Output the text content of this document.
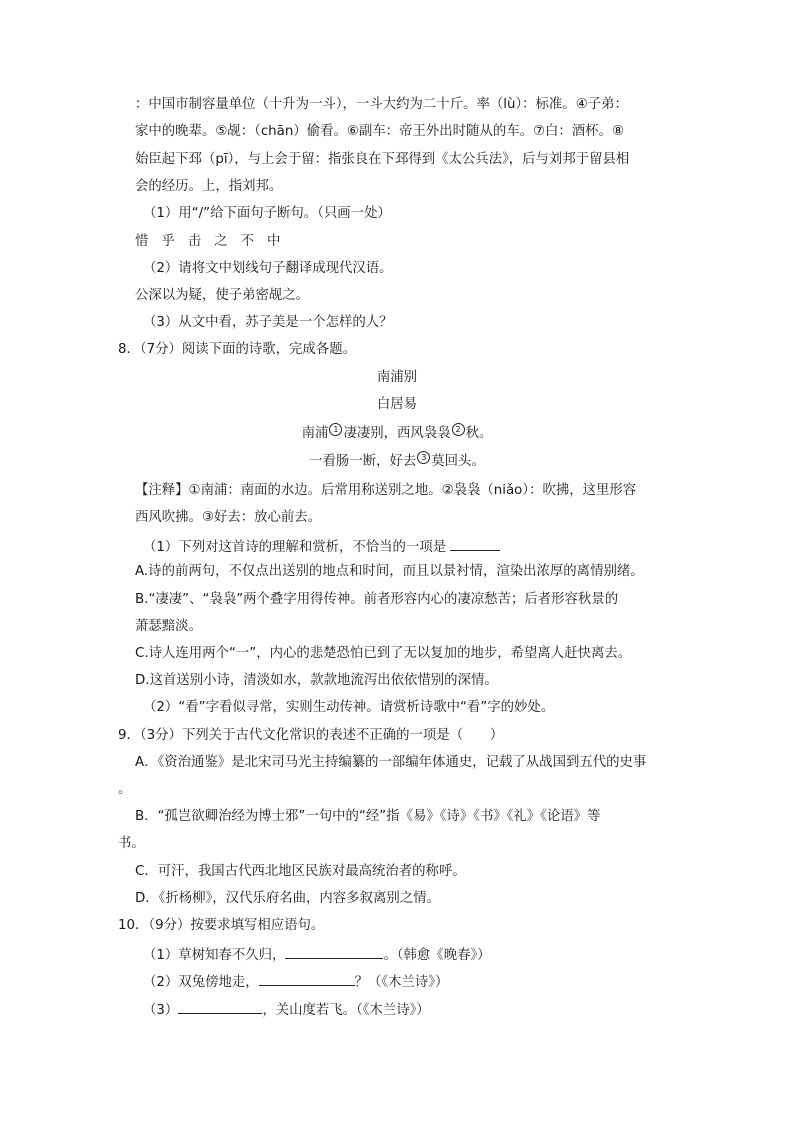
：中国市制容量单位（十升为一斗），一斗大约为二十斤。率（lù）：标准。④子弟：
家中的晚辈。⑤觇：（chān）偷看。⑥副车：帝王外出时随从的车。⑦白：酒杯。⑧
始臣起下邳（pī），与上会于留：指张良在下邳得到《太公兵法》，后与刘邦于留县相
会的经历。上，指刘邦。
（1）用“/”给下面句子断句。（只画一处）
惜 乎 击 之 不 中
（2）请将文中划线句子翻译成现代汉语。
公深以为疑，使子弟密觇之。
（3）从文中看，苏子美是一个怎样的人？
8．（7分）阅读下面的诗歌，完成各题。
南浦别
白居易
南浦 $^1$ 凄凄别，西风袅袅 $^2$ 秋。
一看肠一断，好去 $^3$ 莫回头。
【注释】①南浦：南面的水边。后常用称送别之地。②袅袅（niǎo）：吹拂，这里形容
西风吹拂。③好去：放心前去。
（1）下列对这首诗的理解和赏析，不恰当的一项是
A.诗的前两句，不仅点出送别的地点和时间，而且以景衬情，渲染出浓厚的离情别绪。
B.“凄凄”、“袅袅”两个叠字用得传神。前者形容内心的凄凉愁苦；后者形容秋景的
萧瑟黯淡。
C.诗人连用两个“一”，内心的悲楚恐怕已到了无以复加的地步，希望离人赶快离去。
D.这首送别小诗，清淡如水，款款地流泻出依依惜别的深情。
（2）“看”字看似寻常，实则生动传神。请赏析诗歌中“看”字的妙处。
9．（3分）下列关于古代文化常识的表述不正确的一项是（　　）
A．《资治通鉴》是北宋司马光主持编纂的一部编年体通史，记载了从战国到五代的史事
。
B．“孤岂欲卿治经为博士邪”一句中的“经”指《易》《诗》《书》《礼》《论语》等
书。
C．可汗，我国古代西北地区民族对最高统治者的称呼。
D．《折杨柳》，汉代乐府名曲，内容多叙离别之情。
10．（9分）按要求填写相应语句。
（1）草树知春不久归，	。（韩愈《晚春》）
（2）双兔傍地走，	？（《木兰诗》）
（3）	，关山度若飞。（《木兰诗》）
